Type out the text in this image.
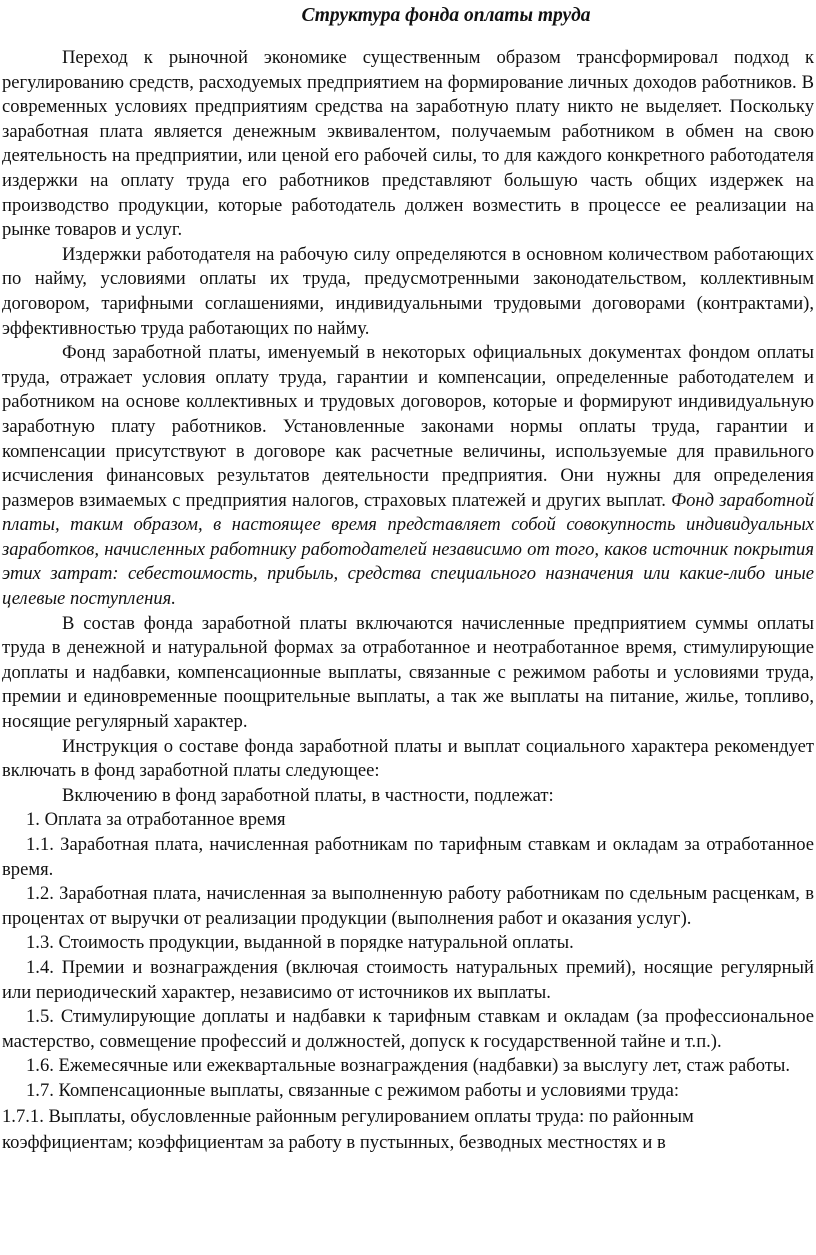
Структура фонда оплаты труда

Переход к рыночной экономике существенным образом трансформировал подход к регулированию средств, расходуемых предприятием на формирование личных доходов работников. В современных условиях предприятиям средства на заработную плату никто не выделяет. Поскольку заработная плата является денежным эквивалентом, получаемым работником в обмен на свою деятельность на предприятии, или ценой его рабочей силы, то для каждого конкретного работодателя издержки на оплату труда его работников представляют большую часть общих издержек на производство продукции, которые работодатель должен возместить в процессе ее реализации на рынке товаров и услуг.

Издержки работодателя на рабочую силу определяются в основном количеством работающих по найму, условиями оплаты их труда, предусмотренными законодательством, коллективным договором, тарифными соглашениями, индивидуальными трудовыми договорами (контрактами), эффективностью труда работающих по найму.

Фонд заработной платы, именуемый в некоторых официальных документах фондом оплаты труда, отражает условия оплату труда, гарантии и компенсации, определенные работодателем и работником на основе коллективных и трудовых договоров, которые и формируют индивидуальную заработную плату работников. Установленные законами нормы оплаты труда, гарантии и компенсации присутствуют в договоре как расчетные величины, используемые для правильного исчисления финансовых результатов деятельности предприятия. Они нужны для определения размеров взимаемых с предприятия налогов, страховых платежей и других выплат. Фонд заработной платы, таким образом, в настоящее время представляет собой совокупность индивидуальных заработков, начисленных работнику работодателей независимо от того, каков источник покрытия этих затрат: себестоимость, прибыль, средства специального назначения или какие-либо иные целевые поступления.

В состав фонда заработной платы включаются начисленные предприятием суммы оплаты труда в денежной и натуральной формах за отработанное и неотработанное время, стимулирующие доплаты и надбавки, компенсационные выплаты, связанные с режимом работы и условиями труда, премии и единовременные поощрительные выплаты, а так же выплаты на питание, жилье, топливо, носящие регулярный характер.

Инструкция о составе фонда заработной платы и выплат социального характера рекомендует включать в фонд заработной платы следующее:

Включению в фонд заработной платы, в частности, подлежат:

1. Оплата за отработанное время

1.1. Заработная плата, начисленная работникам по тарифным ставкам и окладам за отработанное время.

1.2. Заработная плата, начисленная за выполненную работу работникам по сдельным расценкам, в процентах от выручки от реализации продукции (выполнения работ и оказания услуг).

1.3. Стоимость продукции, выданной в порядке натуральной оплаты.

1.4. Премии и вознаграждения (включая стоимость натуральных премий), носящие регулярный или периодический характер, независимо от источников их выплаты.

1.5. Стимулирующие доплаты и надбавки к тарифным ставкам и окладам (за профессиональное мастерство, совмещение профессий и должностей, допуск к государственной тайне и т.п.).

1.6. Ежемесячные или ежеквартальные вознаграждения (надбавки) за выслугу лет, стаж работы.

1.7. Компенсационные выплаты, связанные с режимом работы и условиями труда:

1.7.1. Выплаты, обусловленные районным регулированием оплаты труда: по районным коэффициентам; коэффициентам за работу в пустынных, безводных местностях и в
